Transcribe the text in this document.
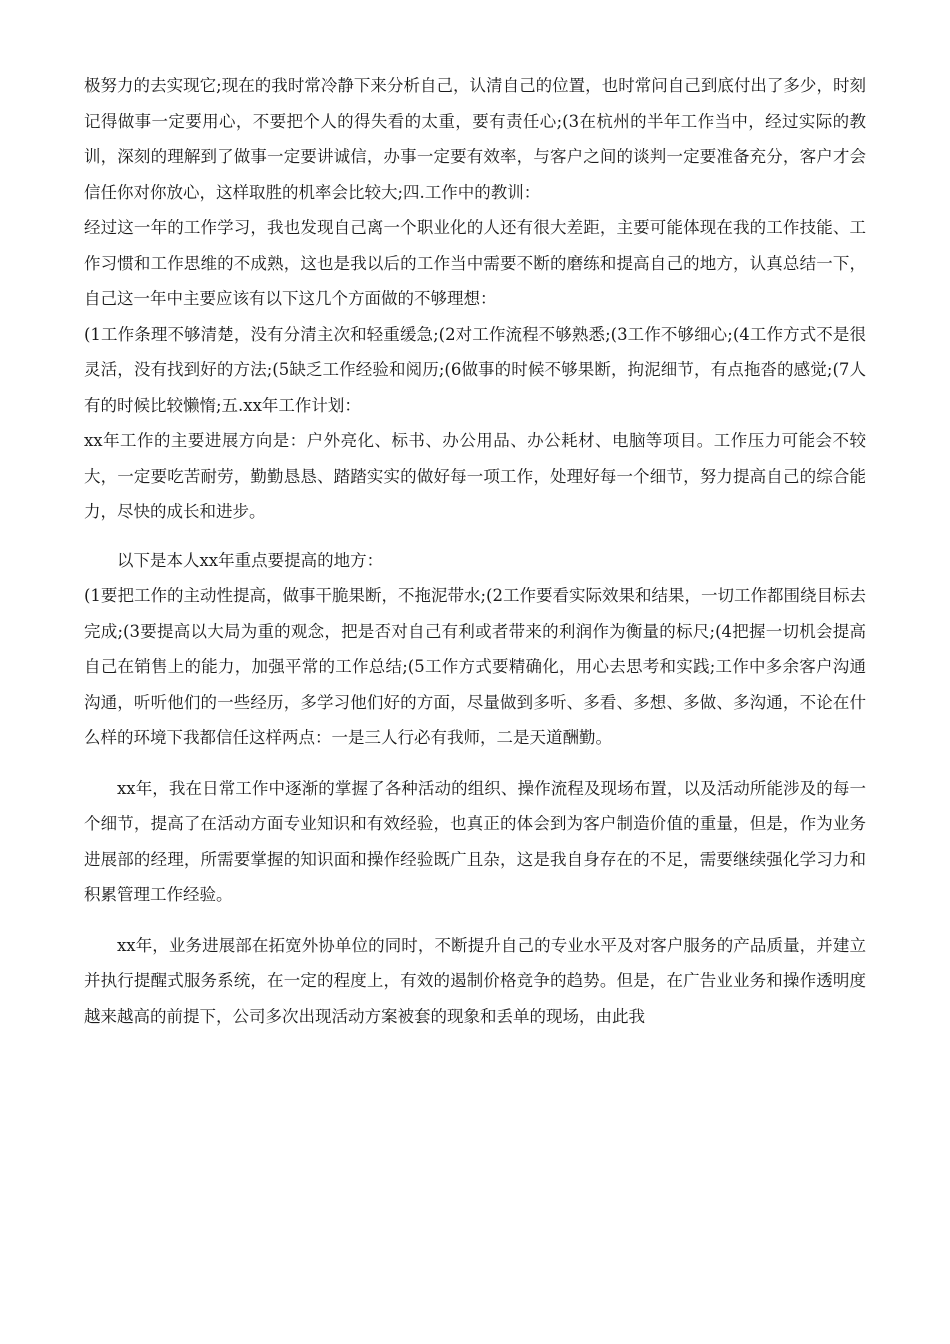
极努力的去实现它;现在的我时常冷静下来分析自己，认清自己的位置，也时常问自己到底付出了多少，时刻记得做事一定要用心，不要把个人的得失看的太重，要有责任心;(3在杭州的半年工作当中，经过实际的教训，深刻的理解到了做事一定要讲诚信，办事一定要有效率，与客户之间的谈判一定要准备充分，客户才会信任你对你放心，这样取胜的机率会比较大;四.工作中的教训：

经过这一年的工作学习，我也发现自己离一个职业化的人还有很大差距，主要可能体现在我的工作技能、工作习惯和工作思维的不成熟，这也是我以后的工作当中需要不断的磨练和提高自己的地方，认真总结一下，自己这一年中主要应该有以下这几个方面做的不够理想：

(1工作条理不够清楚，没有分清主次和轻重缓急;(2对工作流程不够熟悉;(3工作不够细心;(4工作方式不是很灵活，没有找到好的方法;(5缺乏工作经验和阅历;(6做事的时候不够果断，拘泥细节，有点拖沓的感觉;(7人有的时候比较懒惰;五.xx年工作计划：

xx年工作的主要进展方向是：户外亮化、标书、办公用品、办公耗材、电脑等项目。工作压力可能会不较大，一定要吃苦耐劳，勤勤恳恳、踏踏实实的做好每一项工作，处理好每一个细节，努力提高自己的综合能力，尽快的成长和进步。

以下是本人xx年重点要提高的地方：

(1要把工作的主动性提高，做事干脆果断，不拖泥带水;(2工作要看实际效果和结果，一切工作都围绕目标去完成;(3要提高以大局为重的观念，把是否对自己有利或者带来的利润作为衡量的标尺;(4把握一切机会提高自己在销售上的能力，加强平常的工作总结;(5工作方式要精确化，用心去思考和实践;工作中多余客户沟通沟通，听听他们的一些经历，多学习他们好的方面，尽量做到多听、多看、多想、多做、多沟通，不论在什么样的环境下我都信任这样两点：一是三人行必有我师，二是天道酬勤。

xx年，我在日常工作中逐渐的掌握了各种活动的组织、操作流程及现场布置，以及活动所能涉及的每一个细节，提高了在活动方面专业知识和有效经验，也真正的体会到为客户制造价值的重量，但是，作为业务进展部的经理，所需要掌握的知识面和操作经验既广且杂，这是我自身存在的不足，需要继续强化学习力和积累管理工作经验。

xx年，业务进展部在拓宽外协单位的同时，不断提升自己的专业水平及对客户服务的产品质量，并建立并执行提醒式服务系统，在一定的程度上，有效的遏制价格竞争的趋势。但是，在广告业业务和操作透明度越来越高的前提下，公司多次出现活动方案被套的现象和丢单的现场，由此我
